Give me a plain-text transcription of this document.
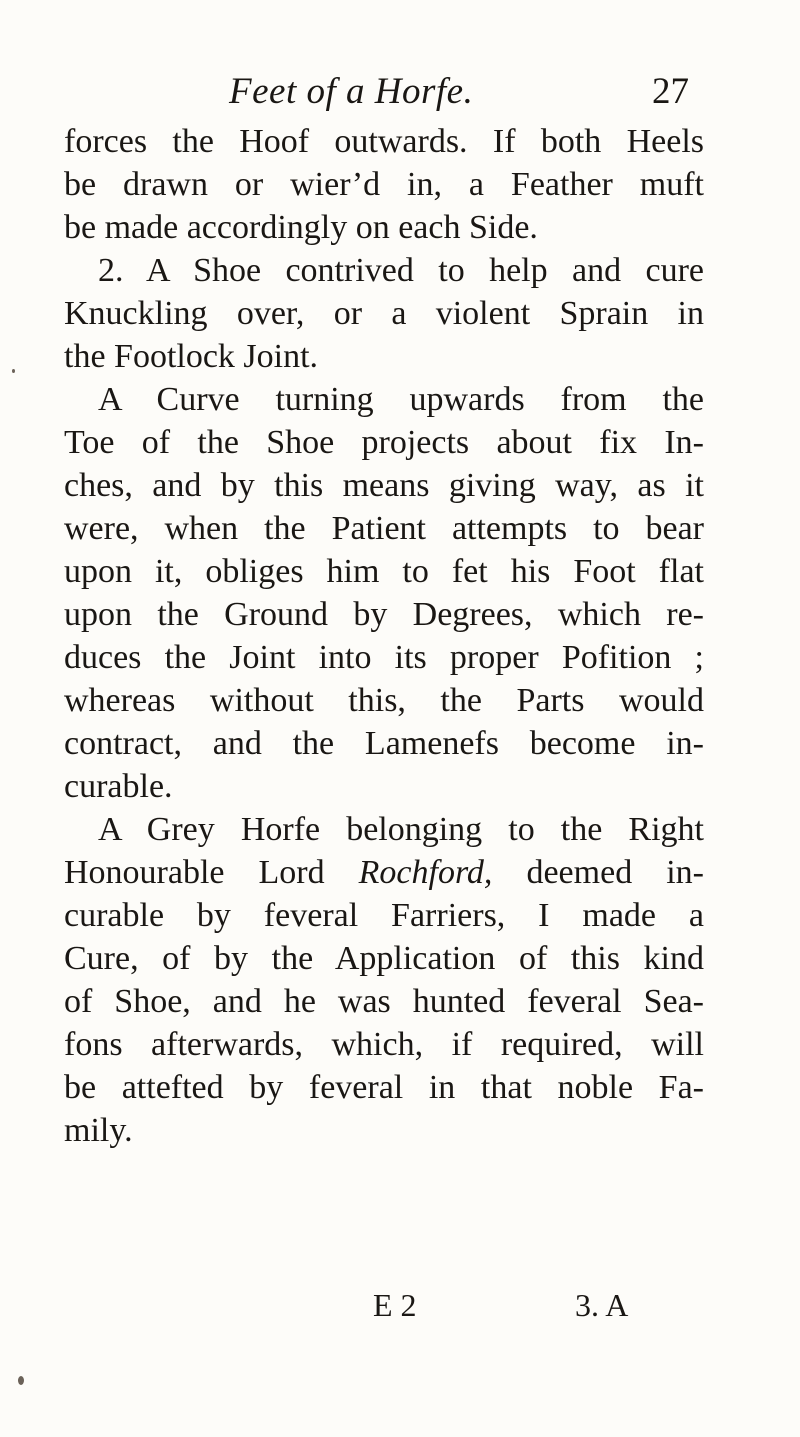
Feet of a Horfe.	27
forces the Hoof outwards. If both Heels
be drawn or wier’d in, a Feather muft
be made accordingly on each Side.
2. A Shoe contrived to help and cure
Knuckling over, or a violent Sprain in
the Footlock Joint.
A Curve turning upwards from the
Toe of the Shoe projects about fix In-
ches, and by this means giving way, as it
were, when the Patient attempts to bear
upon it, obliges him to fet his Foot flat
upon the Ground by Degrees, which re-
duces the Joint into its proper Pofition ;
whereas without this, the Parts would
contract, and the Lamenefs become in-
curable.
A Grey Horfe belonging to the Right
Honourable Lord Rochford, deemed in-
curable by feveral Farriers, I made a
Cure, of by the Application of this kind
of Shoe, and he was hunted feveral Sea-
fons afterwards, which, if required, will
be attefted by feveral in that noble Fa-
mily.
E 2	3. A
